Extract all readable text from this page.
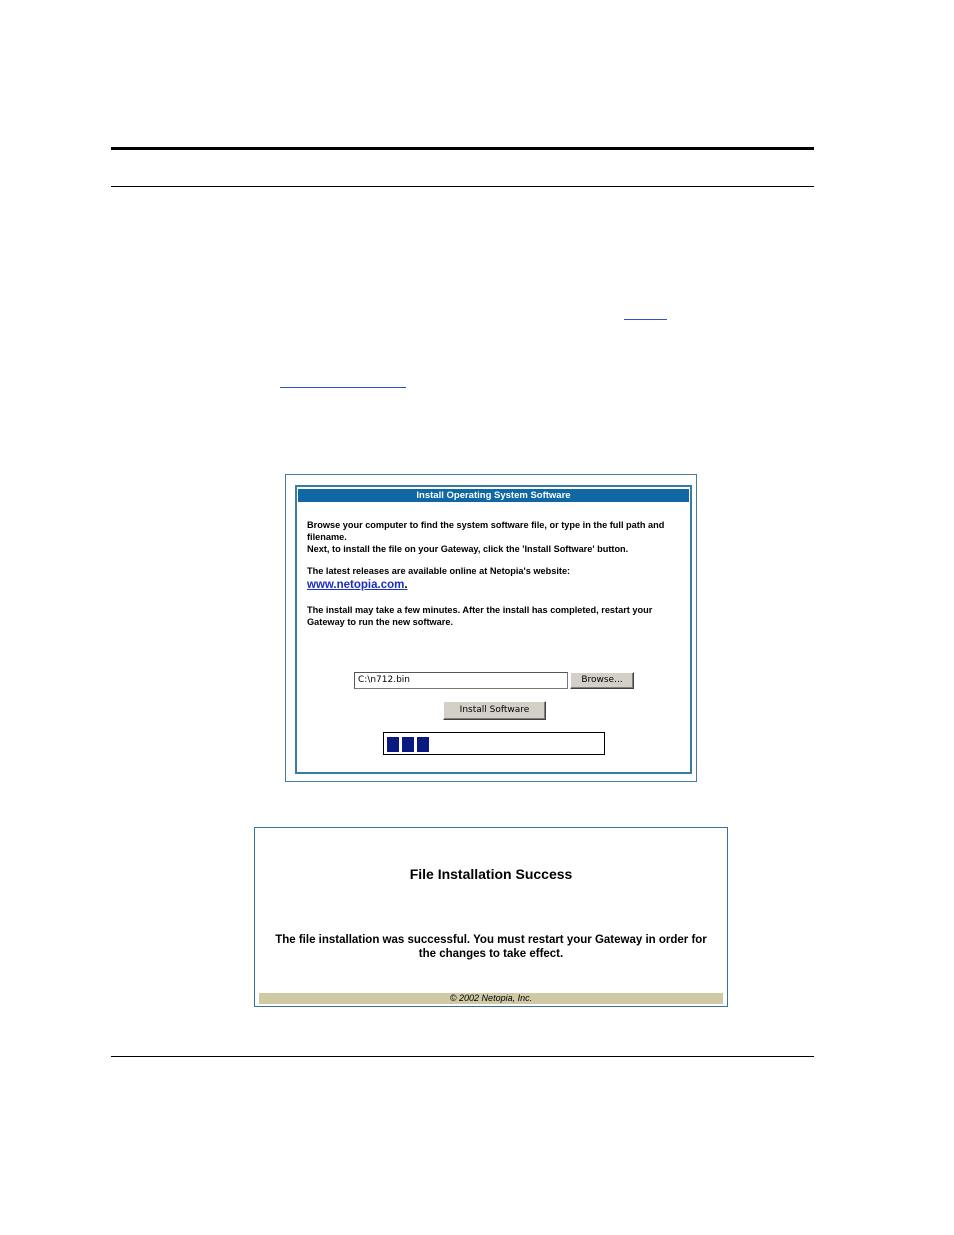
Install Operating System Software
Browse your computer to find the system software file, or type in the full path and filename.
Next, to install the file on your Gateway, click the 'Install Software' button.
The latest releases are available online at Netopia's website:
www.netopia.com.
The install may take a few minutes. After the install has completed, restart your Gateway to run the new software.
C:\n712.bin	Browse...
Install Software
File Installation Success
The file installation was successful. You must restart your Gateway in order for the changes to take effect.
© 2002 Netopia, Inc.
